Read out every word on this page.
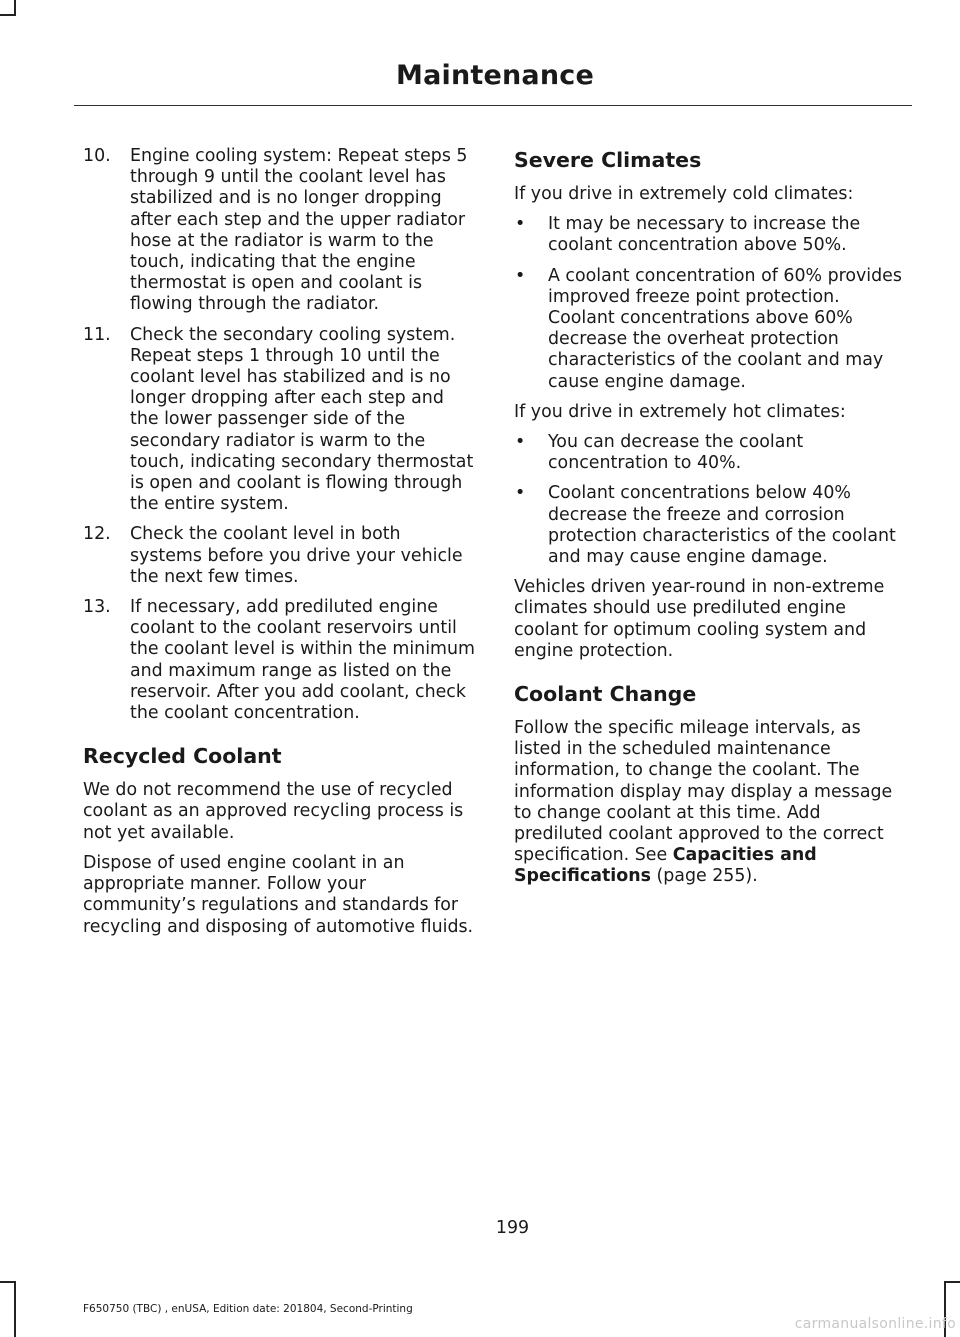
Maintenance
10. Engine cooling system: Repeat steps 5 through 9 until the coolant level has stabilized and is no longer dropping after each step and the upper radiator hose at the radiator is warm to the touch, indicating that the engine thermostat is open and coolant is flowing through the radiator.
11. Check the secondary cooling system. Repeat steps 1 through 10 until the coolant level has stabilized and is no longer dropping after each step and the lower passenger side of the secondary radiator is warm to the touch, indicating secondary thermostat is open and coolant is flowing through the entire system.
12. Check the coolant level in both systems before you drive your vehicle the next few times.
13. If necessary, add prediluted engine coolant to the coolant reservoirs until the coolant level is within the minimum and maximum range as listed on the reservoir. After you add coolant, check the coolant concentration.
Recycled Coolant

We do not recommend the use of recycled coolant as an approved recycling process is not yet available.

Dispose of used engine coolant in an appropriate manner. Follow your community’s regulations and standards for recycling and disposing of automotive fluids.

Severe Climates

If you drive in extremely cold climates:

• It may be necessary to increase the coolant concentration above 50%.
• A coolant concentration of 60% provides improved freeze point protection. Coolant concentrations above 60% decrease the overheat protection characteristics of the coolant and may cause engine damage.

If you drive in extremely hot climates:

• You can decrease the coolant concentration to 40%.
• Coolant concentrations below 40% decrease the freeze and corrosion protection characteristics of the coolant and may cause engine damage.

Vehicles driven year-round in non-extreme climates should use prediluted engine coolant for optimum cooling system and engine protection.

Coolant Change

Follow the specific mileage intervals, as listed in the scheduled maintenance information, to change the coolant. The information display may display a message to change coolant at this time. Add prediluted coolant approved to the correct specification. See Capacities and Specifications (page 255).

199
F650750 (TBC) , enUSA, Edition date: 201804, Second-Printing
carmanualsonline.info
